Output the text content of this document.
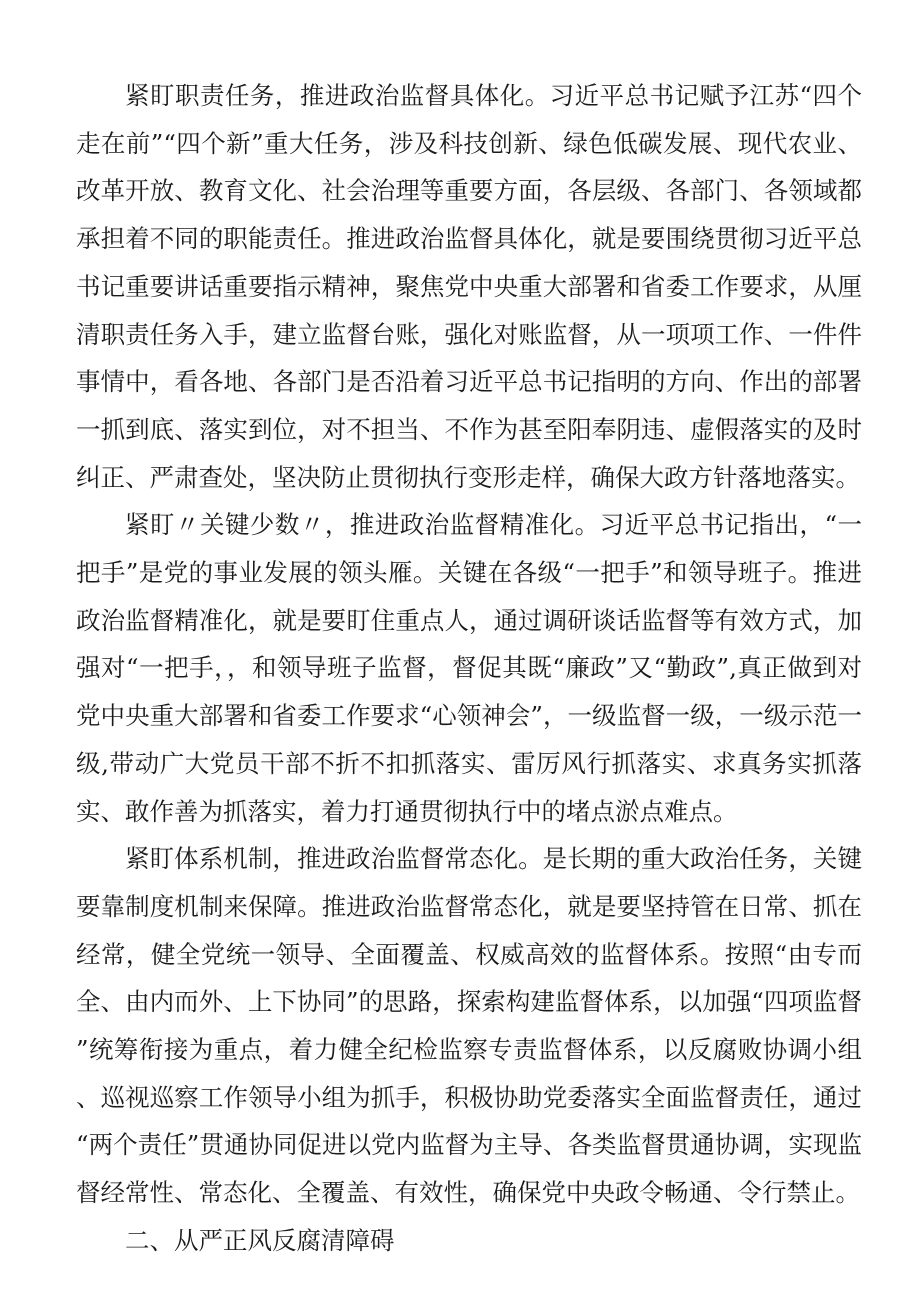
紧盯职责任务，推进政治监督具体化。习近平总书记赋予江苏“四个走在前”“四个新”重大任务，涉及科技创新、绿色低碳发展、现代农业、改革开放、教育文化、社会治理等重要方面，各层级、各部门、各领域都承担着不同的职能责任。推进政治监督具体化，就是要围绕贯彻习近平总书记重要讲话重要指示精神，聚焦党中央重大部署和省委工作要求，从厘清职责任务入手，建立监督台账，强化对账监督，从一项项工作、一件件事情中，看各地、各部门是否沿着习近平总书记指明的方向、作出的部署一抓到底、落实到位，对不担当、不作为甚至阳奉阴违、虚假落实的及时纠正、严肃查处，坚决防止贯彻执行变形走样，确保大政方针落地落实。

紧盯〃关键少数〃，推进政治监督精准化。习近平总书记指出，“一把手”是党的事业发展的领头雁。关键在各级“一把手”和领导班子。推进政治监督精准化，就是要盯住重点人，通过调研谈话监督等有效方式，加强对“一把手，，和领导班子监督，督促其既“廉政”又“勤政”,真正做到对党中央重大部署和省委工作要求“心领神会”，一级监督一级，一级示范一级,带动广大党员干部不折不扣抓落实、雷厉风行抓落实、求真务实抓落实、敢作善为抓落实，着力打通贯彻执行中的堵点淤点难点。

紧盯体系机制，推进政治监督常态化。是长期的重大政治任务，关键要靠制度机制来保障。推进政治监督常态化，就是要坚持管在日常、抓在经常，健全党统一领导、全面覆盖、权威高效的监督体系。按照“由专而全、由内而外、上下协同”的思路，探索构建监督体系，以加强“四项监督”统筹衔接为重点，着力健全纪检监察专责监督体系，以反腐败协调小组、巡视巡察工作领导小组为抓手，积极协助党委落实全面监督责任，通过“两个责任”贯通协同促进以党内监督为主导、各类监督贯通协调，实现监督经常性、常态化、全覆盖、有效性，确保党中央政令畅通、令行禁止。

二、从严正风反腐清障碍
